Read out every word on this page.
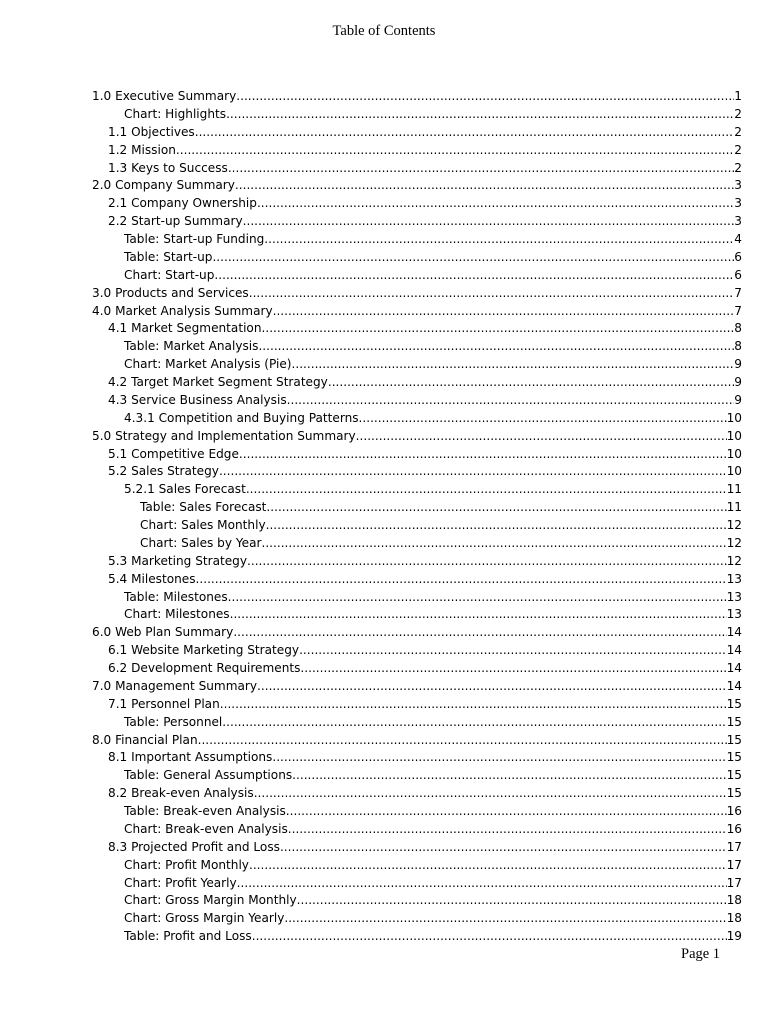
Table of Contents
1.0 Executive Summary .....	1
Chart: Highlights .....	2
1.1 Objectives .....	2
1.2 Mission .....	2
1.3 Keys to Success .....	2
2.0 Company Summary .....	3
2.1 Company Ownership .....	3
2.2 Start-up Summary .....	3
Table: Start-up Funding .....	4
Table: Start-up .....	6
Chart: Start-up .....	6
3.0 Products and Services .....	7
4.0 Market Analysis Summary .....	7
4.1 Market Segmentation .....	8
Table: Market Analysis .....	8
Chart: Market Analysis (Pie) .....	9
4.2 Target Market Segment Strategy .....	9
4.3 Service Business Analysis .....	9
4.3.1 Competition and Buying Patterns .....	10
5.0 Strategy and Implementation Summary .....	10
5.1 Competitive Edge .....	10
5.2 Sales Strategy .....	10
5.2.1 Sales Forecast .....	11
Table: Sales Forecast .....	11
Chart: Sales Monthly .....	12
Chart: Sales by Year .....	12
5.3 Marketing Strategy .....	12
5.4 Milestones .....	13
Table: Milestones .....	13
Chart: Milestones .....	13
6.0 Web Plan Summary .....	14
6.1 Website Marketing Strategy .....	14
6.2 Development Requirements .....	14
7.0 Management Summary .....	14
7.1 Personnel Plan .....	15
Table: Personnel .....	15
8.0 Financial Plan .....	15
8.1 Important Assumptions .....	15
Table: General Assumptions .....	15
8.2 Break-even Analysis .....	15
Table: Break-even Analysis .....	16
Chart: Break-even Analysis .....	16
8.3 Projected Profit and Loss .....	17
Chart: Profit Monthly .....	17
Chart: Profit Yearly .....	17
Chart: Gross Margin Monthly .....	18
Chart: Gross Margin Yearly .....	18
Table: Profit and Loss .....	19
Page 1
